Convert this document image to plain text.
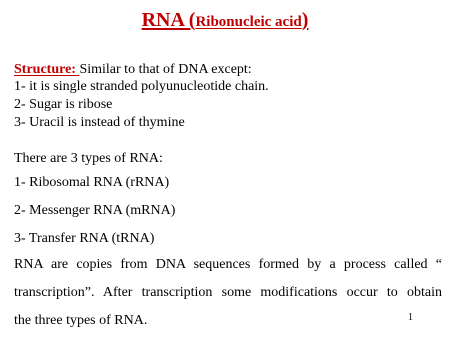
RNA (Ribonucleic acid)
Structure: Similar to that of DNA except:
1- it is single stranded polyunucleotide chain.
2- Sugar is ribose
3- Uracil is instead of thymine
There are 3 types of RNA:
1- Ribosomal RNA (rRNA)
2- Messenger RNA (mRNA)
3- Transfer RNA (tRNA)
RNA are copies from DNA sequences formed by a process called “
transcription”. After transcription some modifications occur to obtain
the three types of RNA.	1
